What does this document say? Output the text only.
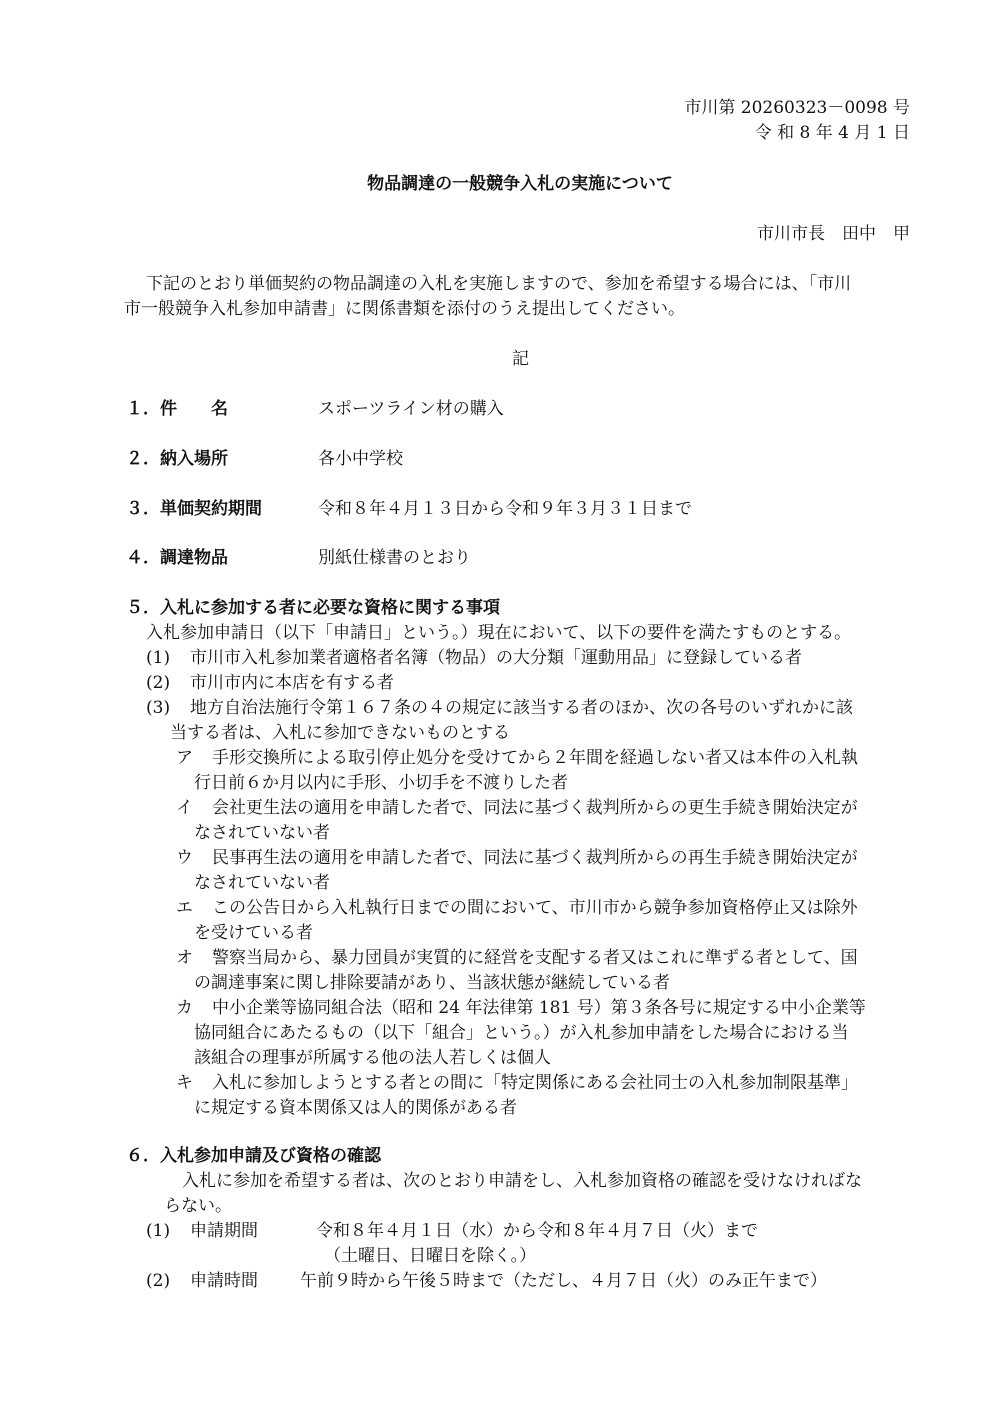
市川第 20260323－0098 号
令 和 8 年 4 月 1 日
物品調達の一般競争入札の実施について
市川市長　田中　甲
下記のとおり単価契約の物品調達の入札を実施しますので、参加を希望する場合には、「市川
市一般競争入札参加申請書」に関係書類を添付のうえ提出してください。
記
１． 件　　名	スポーツライン材の購入
２． 納入場所	各小中学校
３． 単価契約期間	令和８年４月１３日から令和９年３月３１日まで
４． 調達物品	別紙仕様書のとおり
５． 入札に参加する者に必要な資格に関する事項
入札参加申請日（以下「申請日」という。）現在において、以下の要件を満たすものとする。
(1) 市川市入札参加業者適格者名簿（物品）の大分類「運動用品」に登録している者
(2) 市川市内に本店を有する者
(3) 地方自治法施行令第１６７条の４の規定に該当する者のほか、次の各号のいずれかに該
当する者は、入札に参加できないものとする
ア 手形交換所による取引停止処分を受けてから２年間を経過しない者又は本件の入札執
行日前６か月以内に手形、小切手を不渡りした者
イ 会社更生法の適用を申請した者で、同法に基づく裁判所からの更生手続き開始決定が
なされていない者
ウ 民事再生法の適用を申請した者で、同法に基づく裁判所からの再生手続き開始決定が
なされていない者
エ この公告日から入札執行日までの間において、市川市から競争参加資格停止又は除外
を受けている者
オ 警察当局から、暴力団員が実質的に経営を支配する者又はこれに準ずる者として、国
の調達事案に関し排除要請があり、当該状態が継続している者
カ 中小企業等協同組合法（昭和 24 年法律第 181 号）第３条各号に規定する中小企業等
協同組合にあたるもの（以下「組合」という。）が入札参加申請をした場合における当
該組合の理事が所属する他の法人若しくは個人
キ 入札に参加しようとする者との間に「特定関係にある会社同士の入札参加制限基準」
に規定する資本関係又は人的関係がある者
６． 入札参加申請及び資格の確認
入札に参加を希望する者は、次のとおり申請をし、入札参加資格の確認を受けなければな
らない。
(1) 申請期間	令和８年４月１日（水）から令和８年４月７日（火）まで
（土曜日、日曜日を除く。）
(2) 申請時間 午前９時から午後５時まで（ただし、４月７日（火）のみ正午まで）
